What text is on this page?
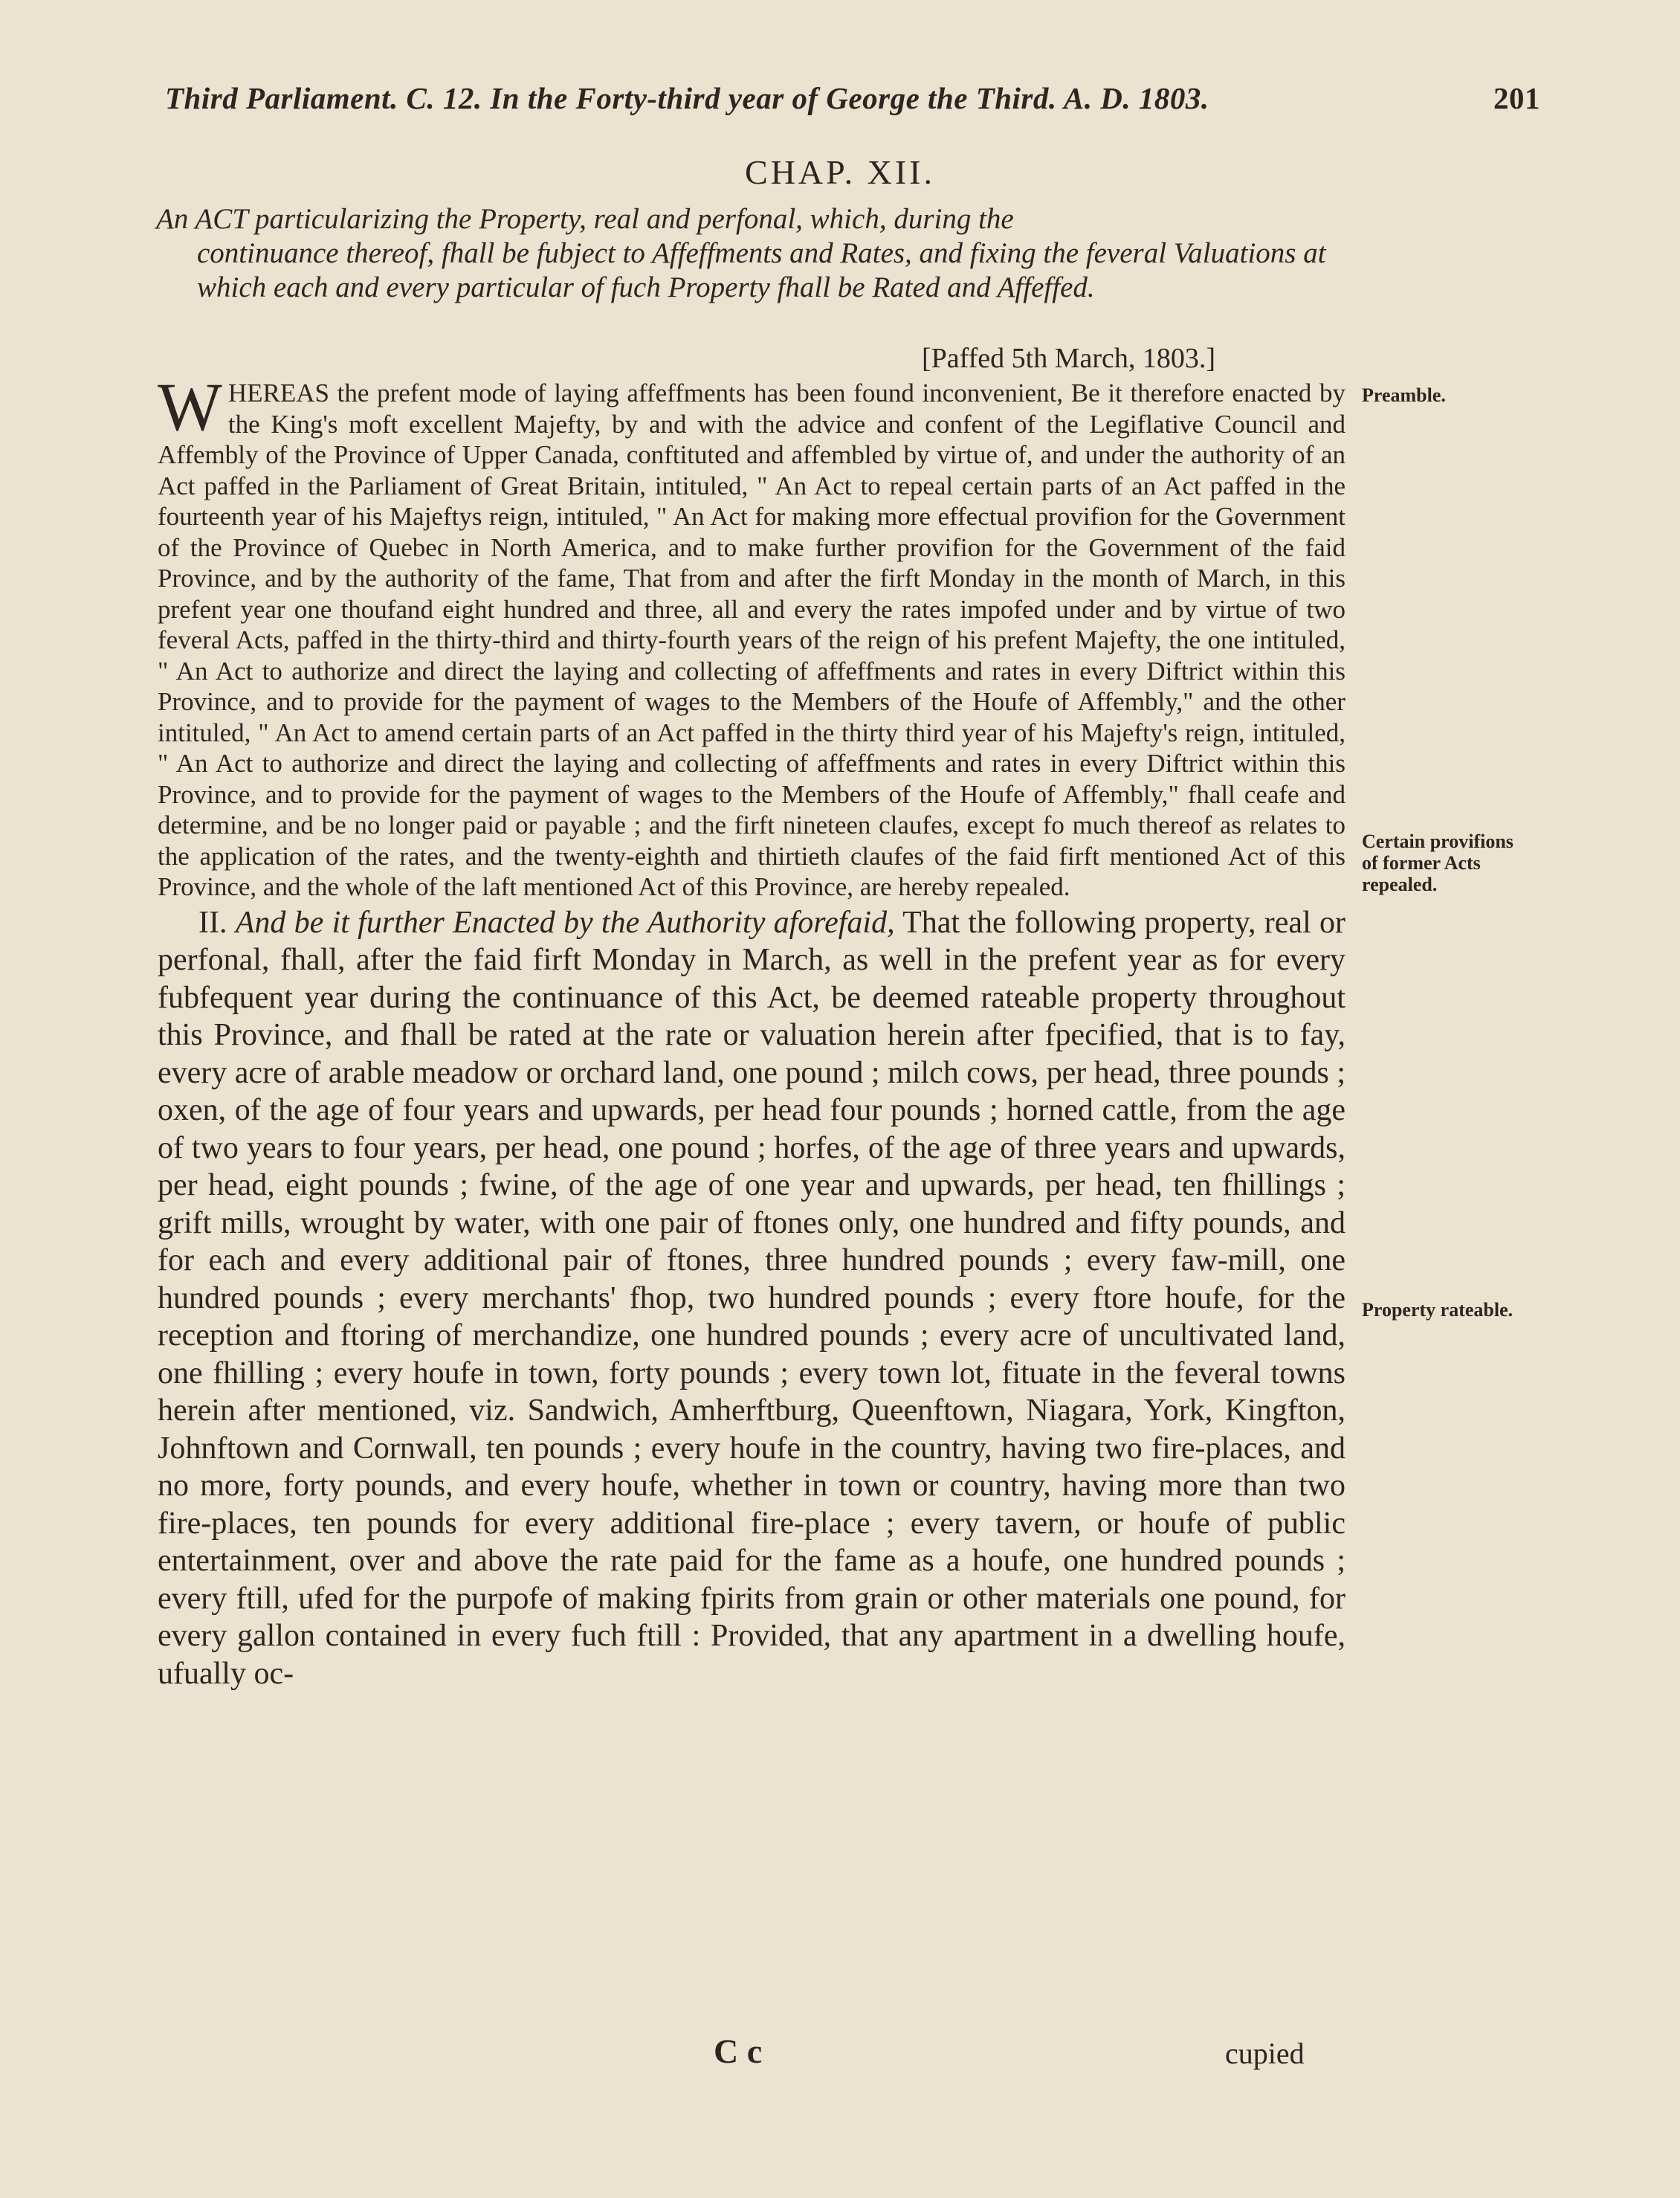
Third Parliament. C. 12. In the Forty-third year of George the Third. A. D. 1803.	201
CHAP. XII.
An ACT particularizing the Property, real and perfonal, which, during the
continuance thereof, fhall be fubject to Affeffments and Rates, and fixing the feveral Valuations at which each and every particular of fuch Property fhall be Rated and Affeffed.
[Paffed 5th March, 1803.]

WHEREAS the prefent mode of laying affeffments has been found inconvenient, Be it therefore enacted by the King's moft excellent Majefty, by and with the advice and confent of the Legiflative Council and Affembly of the Province of Upper Canada, conftituted and affembled by virtue of, and under the authority of an Act paffed in the Parliament of Great Britain, intituled, " An Act to repeal certain parts of an Act paffed in the fourteenth year of his Majeftys reign, intituled, " An Act for making more effectual provifion for the Government of the Province of Quebec in North America, and to make further provifion for the Government of the faid Province, and by the authority of the fame, That from and after the firft Monday in the month of March, in this prefent year one thoufand eight hundred and three, all and every the rates impofed under and by virtue of two feveral Acts, paffed in the thirty-third and thirty-fourth years of the reign of his prefent Majefty, the one intituled, " An Act to authorize and direct the laying and collecting of affeffments and rates in every Diftrict within this Province, and to provide for the payment of wages to the Members of the Houfe of Affembly," and the other intituled, " An Act to amend certain parts of an Act paffed in the thirty third year of his Majefty's reign, intituled, " An Act to authorize and direct the laying and collecting of affeffments and rates in every Diftrict within this Province, and to provide for the payment of wages to the Members of the Houfe of Affembly," fhall ceafe and determine, and be no longer paid or payable ; and the firft nineteen claufes, except fo much thereof as relates to the application of the rates, and the twenty-eighth and thirtieth claufes of the faid firft mentioned Act of this Province, and the whole of the laft mentioned Act of this Province, are hereby repealed.

II. And be it further Enacted by the Authority aforefaid, That the following property, real or perfonal, fhall, after the faid firft Monday in March, as well in the prefent year as for every fubfequent year during the continuance of this Act, be deemed rateable property throughout this Province, and fhall be rated at the rate or valuation herein after fpecified, that is to fay, every acre of arable meadow or orchard land, one pound ; milch cows, per head, three pounds ; oxen, of the age of four years and upwards, per head four pounds ; horned cattle, from the age of two years to four years, per head, one pound ; horfes, of the age of three years and upwards, per head, eight pounds ; fwine, of the age of one year and upwards, per head, ten fhillings ; grift mills, wrought by water, with one pair of ftones only, one hundred and fifty pounds, and for each and every additional pair of ftones, three hundred pounds ; every faw-mill, one hundred pounds ; every merchants' fhop, two hundred pounds ; every ftore houfe, for the reception and ftoring of merchandize, one hundred pounds ; every acre of uncultivated land, one fhilling ; every houfe in town, forty pounds ; every town lot, fituate in the feveral towns herein after mentioned, viz. Sandwich, Amherftburg, Queenftown, Niagara, York, Kingfton, Johnftown and Cornwall, ten pounds ; every houfe in the country, having two fire-places, and no more, forty pounds, and every houfe, whether in town or country, having more than two fire-places, ten pounds for every additional fire-place ; every tavern, or houfe of public entertainment, over and above the rate paid for the fame as a houfe, one hundred pounds ; every ftill, ufed for the purpofe of making fpirits from grain or other materials one pound, for every gallon contained in every fuch ftill : Provided, that any apartment in a dwelling houfe, ufually oc-

Preamble.
Certain provifions of former Acts repealed.
Property rateable.
C c	cupied
